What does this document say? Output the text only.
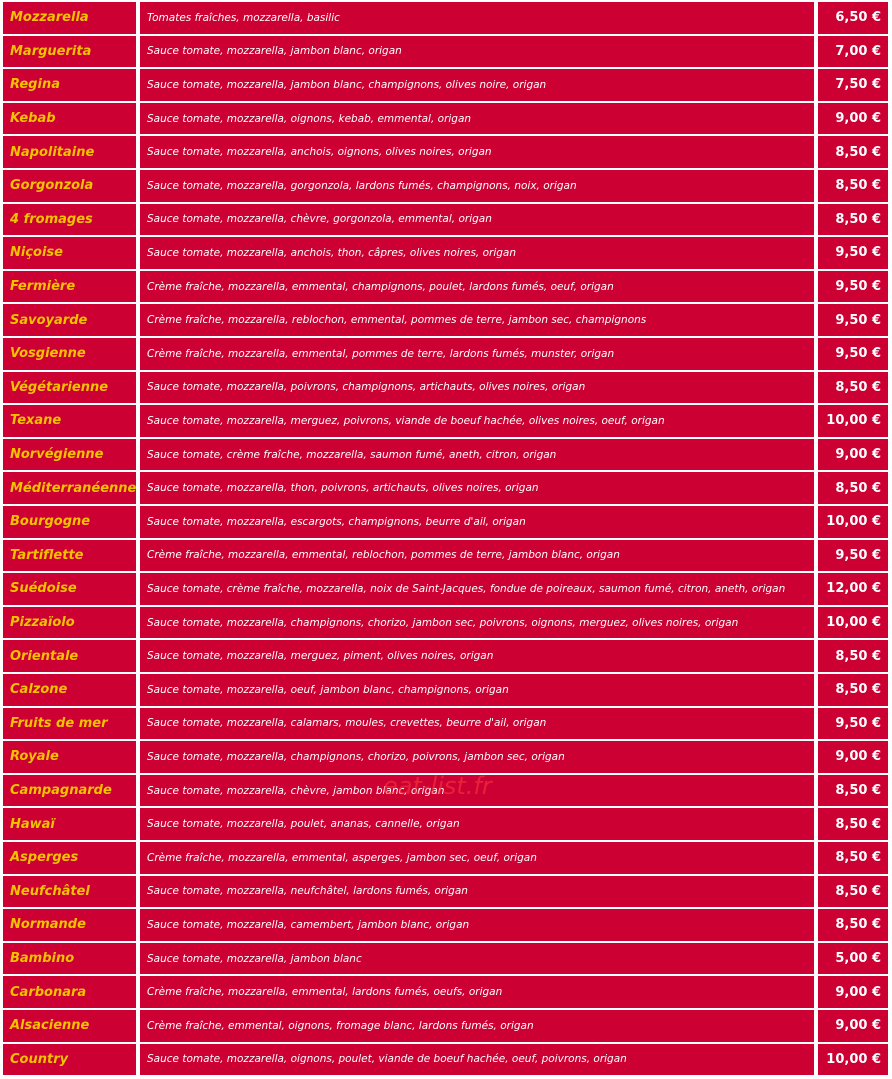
Mozzarella	Tomates fraîches, mozzarella, basilic	6,50 €
Marguerita	Sauce tomate, mozzarella, jambon blanc, origan	7,00 €
Regina	Sauce tomate, mozzarella, jambon blanc, champignons, olives noire, origan	7,50 €
Kebab	Sauce tomate, mozzarella, oignons, kebab, emmental, origan	9,00 €
Napolitaine	Sauce tomate, mozzarella, anchois, oignons, olives noires, origan	8,50 €
Gorgonzola	Sauce tomate, mozzarella, gorgonzola, lardons fumés, champignons, noix, origan	8,50 €
4 fromages	Sauce tomate, mozzarella, chèvre, gorgonzola, emmental, origan	8,50 €
Niçoise	Sauce tomate, mozzarella, anchois, thon, câpres, olives noires, origan	9,50 €
Fermière	Crème fraîche, mozzarella, emmental, champignons, poulet, lardons fumés, oeuf, origan	9,50 €
Savoyarde	Crème fraîche, mozzarella, reblochon, emmental, pommes de terre, jambon sec, champignons	9,50 €
Vosgienne	Crème fraîche, mozzarella, emmental, pommes de terre, lardons fumés, munster, origan	9,50 €
Végétarienne	Sauce tomate, mozzarella, poivrons, champignons, artichauts, olives noires, origan	8,50 €
Texane	Sauce tomate, mozzarella, merguez, poivrons, viande de boeuf hachée, olives noires, oeuf, origan	10,00 €
Norvégienne	Sauce tomate, crème fraîche, mozzarella, saumon fumé, aneth, citron, origan	9,00 €
Méditerranéenne	Sauce tomate, mozzarella, thon, poivrons, artichauts, olives noires, origan	8,50 €
Bourgogne	Sauce tomate, mozzarella, escargots, champignons, beurre d'ail, origan	10,00 €
Tartiflette	Crème fraîche, mozzarella, emmental, reblochon, pommes de terre, jambon blanc, origan	9,50 €
Suédoise	Sauce tomate, crème fraîche, mozzarella, noix de Saint-Jacques, fondue de poireaux, saumon fumé, citron, aneth, origan	12,00 €
Pizzaïolo	Sauce tomate, mozzarella, champignons, chorizo, jambon sec, poivrons, oignons, merguez, olives noires, origan	10,00 €
Orientale	Sauce tomate, mozzarella, merguez, piment, olives noires, origan	8,50 €
Calzone	Sauce tomate, mozzarella, oeuf, jambon blanc, champignons, origan	8,50 €
Fruits de mer	Sauce tomate, mozzarella, calamars, moules, crevettes, beurre d'ail, origan	9,50 €
Royale	Sauce tomate, mozzarella, champignons, chorizo, poivrons, jambon sec, origan	9,00 €
Campagnarde	Sauce tomate, mozzarella, chèvre, jambon blanc, origan	8,50 €
Hawaï	Sauce tomate, mozzarella, poulet, ananas, cannelle, origan	8,50 €
Asperges	Crème fraîche, mozzarella, emmental, asperges, jambon sec, oeuf, origan	8,50 €
Neufchâtel	Sauce tomate, mozzarella, neufchâtel, lardons fumés, origan	8,50 €
Normande	Sauce tomate, mozzarella, camembert, jambon blanc, origan	8,50 €
Bambino	Sauce tomate, mozzarella, jambon blanc	5,00 €
Carbonara	Crème fraîche, mozzarella, emmental, lardons fumés, oeufs, origan	9,00 €
Alsacienne	Crème fraîche, emmental, oignons, fromage blanc, lardons fumés, origan	9,00 €
Country	Sauce tomate, mozzarella, oignons, poulet, viande de boeuf hachée, oeuf, poivrons, origan	10,00 €
eat-list.fr
